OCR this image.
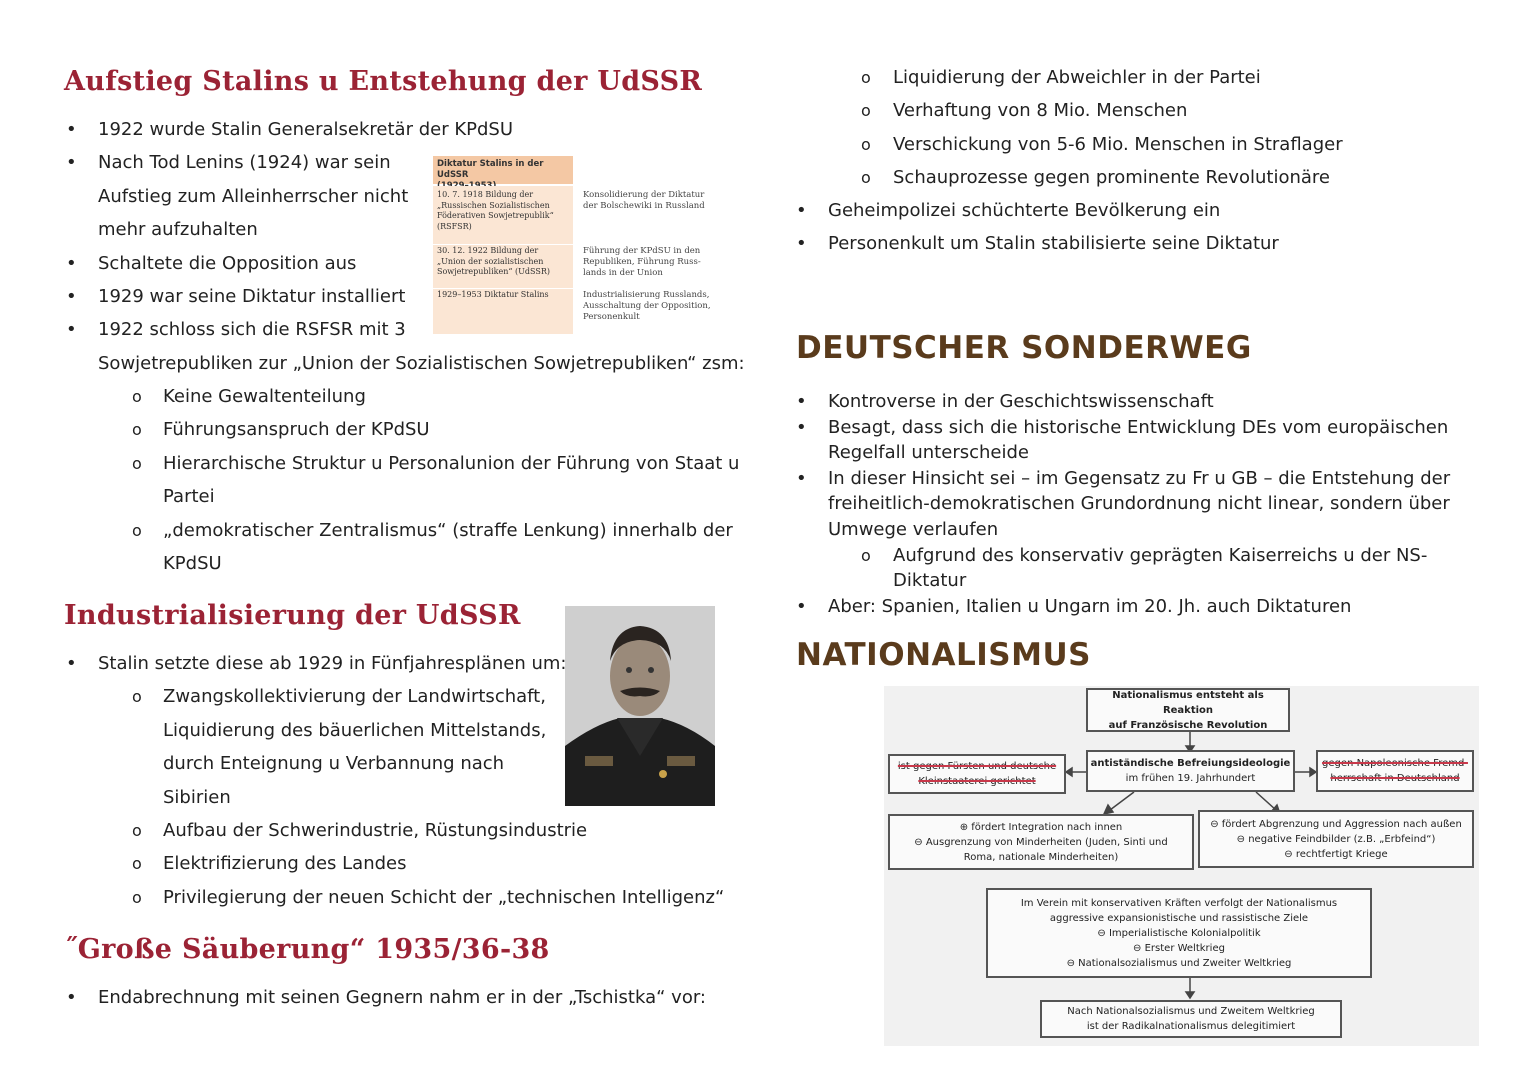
Aufstieg Stalins u Entstehung der UdSSR
• 1922 wurde Stalin Generalsekretär der KPdSU
• Nach Tod Lenins (1924) war sein
Aufstieg zum Alleinherrscher nicht
mehr aufzuhalten
• Schaltete die Opposition aus
• 1929 war seine Diktatur installiert
• 1922 schloss sich die RSFSR mit 3
Sowjetrepubliken zur „Union der Sozialistischen Sowjetrepubliken“ zsm:
o Keine Gewaltenteilung
o Führungsanspruch der KPdSU
o Hierarchische Struktur u Personalunion der Führung von Staat u
Partei
o „demokratischer Zentralismus“ (straffe Lenkung) innerhalb der
KPdSU
Diktatur Stalins in der UdSSR
10. 7. 1918 Bildung der
„Russischen Sozialistischen
Föderativen Sowjetrepublik“
(RSFSR)
Konsolidierung der Diktatur
der Bolschewiki in Russland
30. 12. 1922 Bildung der
„Union der sozialistischen
Sowjetrepubliken“ (UdSSR)
Führung der KPdSU in den
Republiken, Führung Russ-
lands in der Union
1929–1953 Diktatur Stalins	Industrialisierung Russlands,
Ausschaltung der Opposition,
Personenkult
Industrialisierung der UdSSR
• Stalin setzte diese ab 1929 in Fünfjahresplänen um:
o Zwangskollektivierung der Landwirtschaft,
Liquidierung des bäuerlichen Mittelstands,
durch Enteignung u Verbannung nach
Sibirien
o Aufbau der Schwerindustrie, Rüstungsindustrie
o Elektrifizierung des Landes
o Privilegierung der neuen Schicht der „technischen Intelligenz“
˝Große Säuberung“ 1935/36-38
• Endabrechnung mit seinen Gegnern nahm er in der „Tschistka“ vor:
o Liquidierung der Abweichler in der Partei
o Verhaftung von 8 Mio. Menschen
o Verschickung von 5-6 Mio. Menschen in Straflager
o Schauprozesse gegen prominente Revolutionäre
• Geheimpolizei schüchterte Bevölkerung ein
• Personenkult um Stalin stabilisierte seine Diktatur
DEUTSCHER SONDERWEG
• Kontroverse in der Geschichtswissenschaft
• Besagt, dass sich die historische Entwicklung DEs vom europäischen
Regelfall unterscheide
• In dieser Hinsicht sei – im Gegensatz zu Fr u GB – die Entstehung der
freiheitlich-demokratischen Grundordnung nicht linear, sondern über
Umwege verlaufen
o Aufgrund des konservativ geprägten Kaiserreichs u der NS-
Diktatur
• Aber: Spanien, Italien u Ungarn im 20. Jh. auch Diktaturen
NATIONALISMUS
Nationalismus entsteht als Reaktion
auf Französische Revolution
ist gegen Fürsten und deutsche
Kleinstaaterei gerichtet
antiständische Befreiungsideologie
im frühen 19. Jahrhundert
gegen Napoleonische Fremd-
herrschaft in Deutschland
⊕ fördert Integration nach innen
⊖ Ausgrenzung von Minderheiten (Juden, Sinti und
Roma, nationale Minderheiten)
⊖ fördert Abgrenzung und Aggression nach außen
⊖ negative Feindbilder (z.B. „Erbfeind“)
⊖ rechtfertigt Kriege
Im Verein mit konservativen Kräften verfolgt der Nationalismus
aggressive expansionistische und rassistische Ziele
⊖ Imperialistische Kolonialpolitik
⊖ Erster Weltkrieg
⊖ Nationalsozialismus und Zweiter Weltkrieg
Nach Nationalsozialismus und Zweitem Weltkrieg
ist der Radikalnationalismus delegitimiert
